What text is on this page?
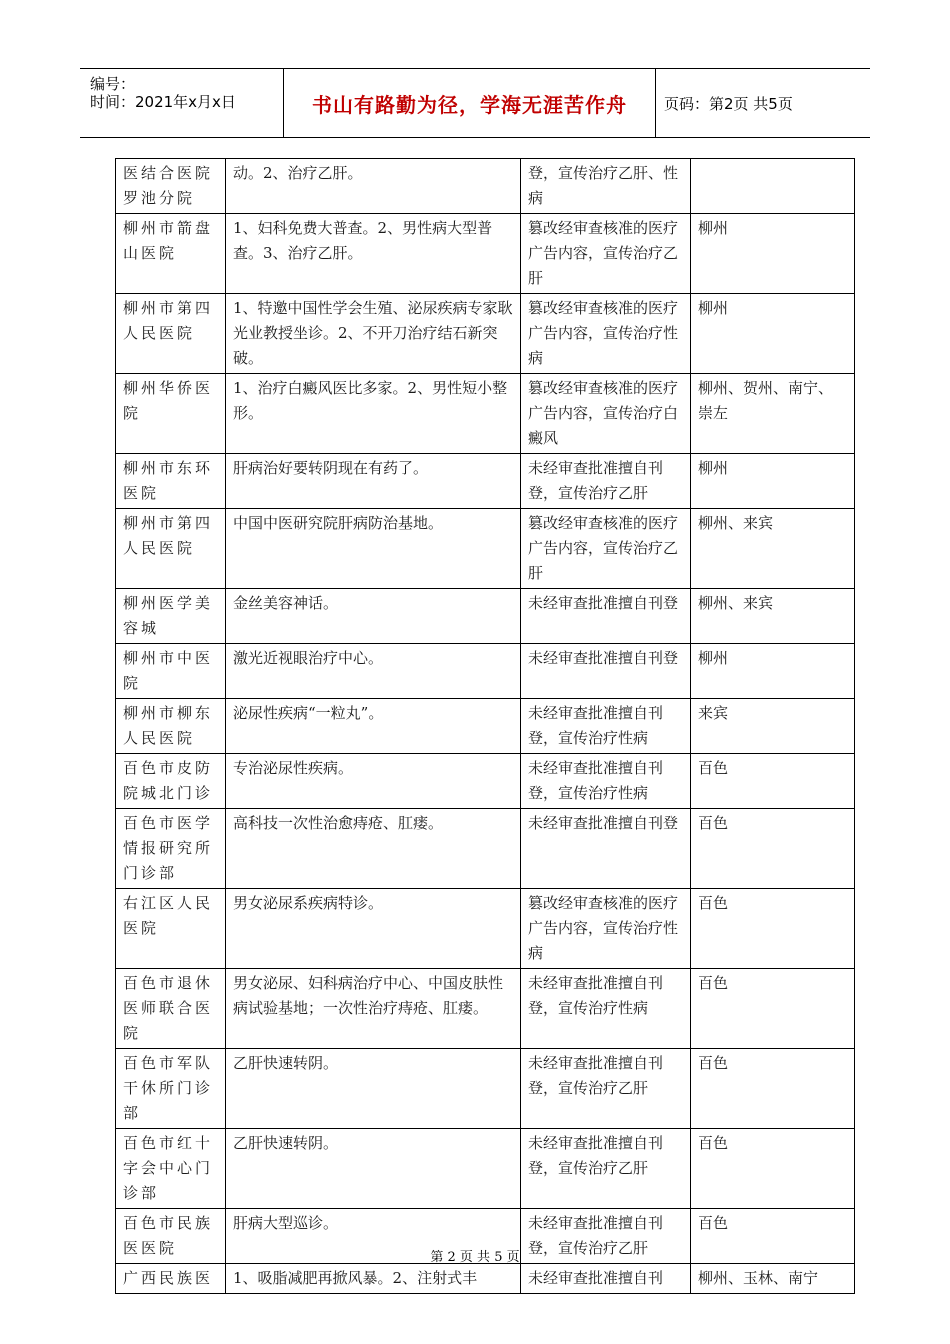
编号：
时间：2021年x月x日	书山有路勤为径，学海无涯苦作舟 页码：第2页 共5页
医结合医院罗池分院	动。2、治疗乙肝。	登，宣传治疗乙肝、性病	
柳州市箭盘山医院	1、妇科免费大普查。2、男性病大型普查。3、治疗乙肝。	篡改经审查核准的医疗广告内容，宣传治疗乙肝	柳州
柳州市第四人民医院	1、特邀中国性学会生殖、泌尿疾病专家耿光业教授坐诊。2、不开刀治疗结石新突破。	篡改经审查核准的医疗广告内容，宣传治疗性病	柳州
柳州华侨医院	1、治疗白癜风医比多家。2、男性短小整形。	篡改经审查核准的医疗广告内容，宣传治疗白癜风	柳州、贺州、南宁、崇左
柳州市东环医院	肝病治好要转阴现在有药了。	未经审查批准擅自刊登，宣传治疗乙肝	柳州
柳州市第四人民医院	中国中医研究院肝病防治基地。	篡改经审查核准的医疗广告内容，宣传治疗乙肝	柳州、来宾
柳州医学美容城	金丝美容神话。	未经审查批准擅自刊登	柳州、来宾
柳州市中医院	激光近视眼治疗中心。	未经审查批准擅自刊登	柳州
柳州市柳东人民医院	泌尿性疾病“一粒丸”。	未经审查批准擅自刊登，宣传治疗性病	来宾
百色市皮防院城北门诊	专治泌尿性疾病。	未经审查批准擅自刊登，宣传治疗性病	百色
百色市医学情报研究所门诊部	高科技一次性治愈痔疮、肛瘘。	未经审查批准擅自刊登	百色
右江区人民医院	男女泌尿系疾病特诊。	篡改经审查核准的医疗广告内容，宣传治疗性病	百色
百色市退休医师联合医院	男女泌尿、妇科病治疗中心、中国皮肤性病试验基地；一次性治疗痔疮、肛瘘。	未经审查批准擅自刊登，宣传治疗性病	百色
百色市军队干休所门诊部	乙肝快速转阴。	未经审查批准擅自刊登，宣传治疗乙肝	百色
百色市红十字会中心门诊部	乙肝快速转阴。	未经审查批准擅自刊登，宣传治疗乙肝	百色
百色市民族医医院	肝病大型巡诊。	未经审查批准擅自刊登，宣传治疗乙肝	百色
广西民族医	1、吸脂减肥再掀风暴。2、注射式丰	未经审查批准擅自刊	柳州、玉林、南宁
第 2 页 共 5 页
